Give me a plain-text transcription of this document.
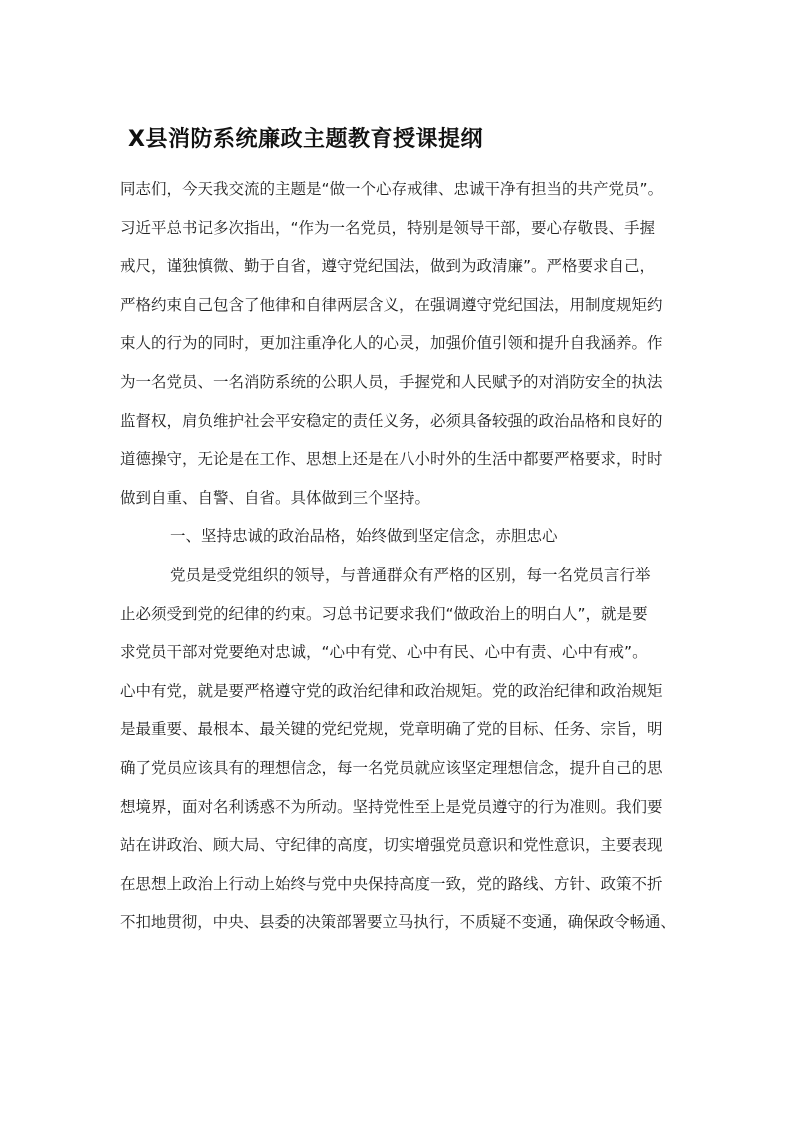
X县消防系统廉政主题教育授课提纲
同志们，今天我交流的主题是“做一个心存戒律、忠诚干净有担当的共产党员”。
习近平总书记多次指出，“作为一名党员，特别是领导干部，要心存敬畏、手握
戒尺，谨独慎微、勤于自省，遵守党纪国法，做到为政清廉”。严格要求自己，
严格约束自己包含了他律和自律两层含义，在强调遵守党纪国法，用制度规矩约
束人的行为的同时，更加注重净化人的心灵，加强价值引领和提升自我涵养。作
为一名党员、一名消防系统的公职人员，手握党和人民赋予的对消防安全的执法
监督权，肩负维护社会平安稳定的责任义务，必须具备较强的政治品格和良好的
道德操守，无论是在工作、思想上还是在八小时外的生活中都要严格要求，时时
做到自重、自警、自省。具体做到三个坚持。
一、坚持忠诚的政治品格，始终做到坚定信念，赤胆忠心
党员是受党组织的领导，与普通群众有严格的区别，每一名党员言行举
止必须受到党的纪律的约束。习总书记要求我们“做政治上的明白人”，就是要
求党员干部对党要绝对忠诚，“心中有党、心中有民、心中有责、心中有戒”。
心中有党，就是要严格遵守党的政治纪律和政治规矩。党的政治纪律和政治规矩
是最重要、最根本、最关键的党纪党规，党章明确了党的目标、任务、宗旨，明
确了党员应该具有的理想信念，每一名党员就应该坚定理想信念，提升自己的思
想境界，面对名利诱惑不为所动。坚持党性至上是党员遵守的行为准则。我们要
站在讲政治、顾大局、守纪律的高度，切实增强党员意识和党性意识，主要表现
在思想上政治上行动上始终与党中央保持高度一致，党的路线、方针、政策不折
不扣地贯彻，中央、县委的决策部署要立马执行，不质疑不变通，确保政令畅通、
